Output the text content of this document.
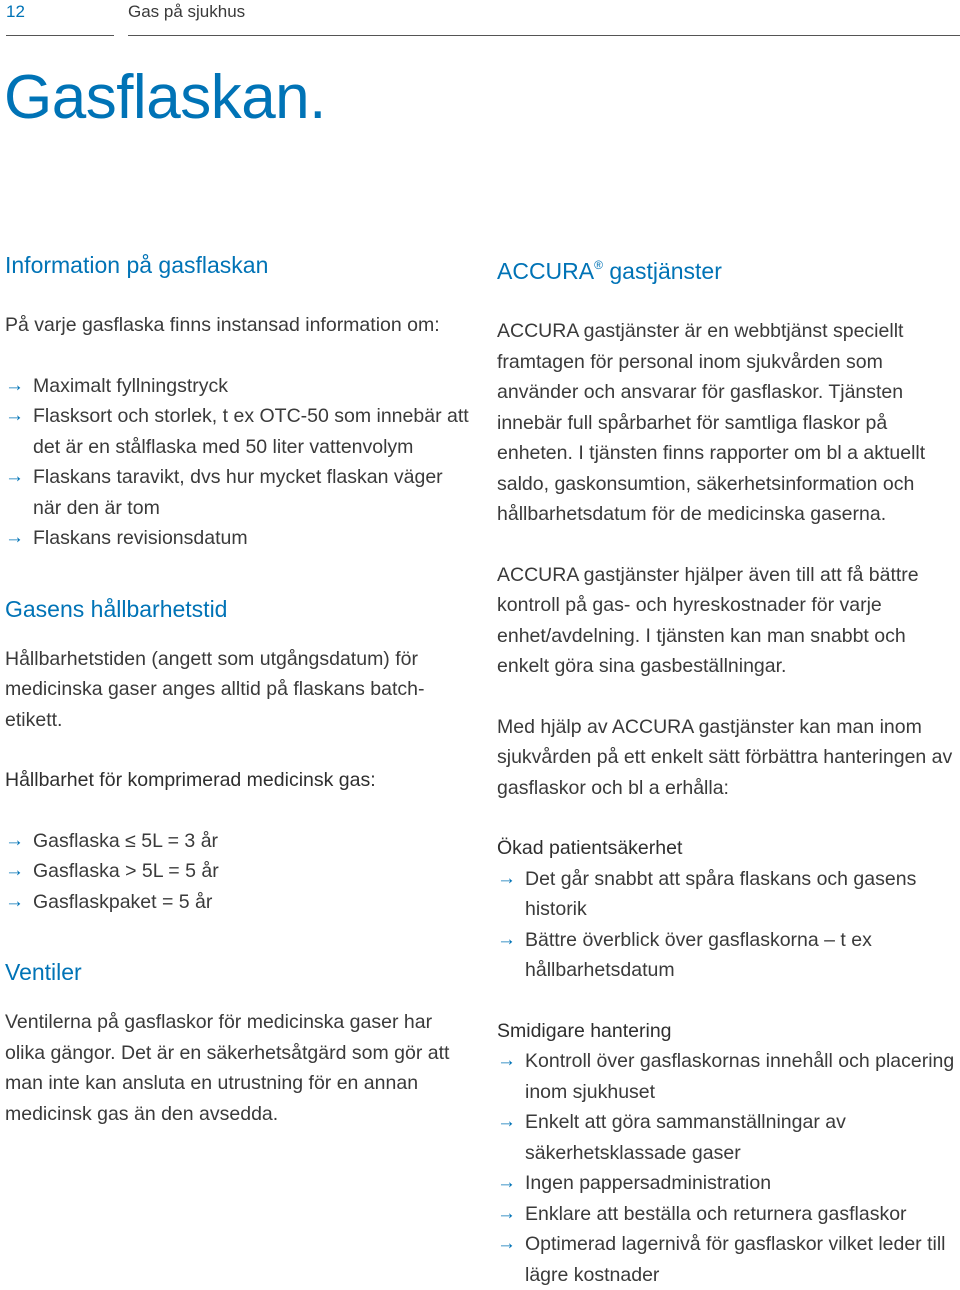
12	Gas på sjukhus
Gasflaskan.
Information på gasflaskan

På varje gasflaska finns instansad information om:

→ Maximalt fyllningstryck
→ Flasksort och storlek, t ex OTC-50 som innebär att det är en stålflaska med 50 liter vattenvolym
→ Flaskans taravikt, dvs hur mycket flaskan väger när den är tom
→ Flaskans revisionsdatum
Gasens hållbarhetstid

Hållbarhetstiden (angett som utgångsdatum) för medicinska gaser anges alltid på flaskans batch-etikett.

Hållbarhet för komprimerad medicinsk gas:

→ Gasflaska ≤ 5L = 3 år
→ Gasflaska > 5L = 5 år
→ Gasflaskpaket = 5 år
Ventiler

Ventilerna på gasflaskor för medicinska gaser har olika gängor. Det är en säkerhetsåtgärd som gör att man inte kan ansluta en utrustning för en annan medicinsk gas än den avsedda.

ACCURA® gastjänster

ACCURA gastjänster är en webbtjänst speciellt framtagen för personal inom sjukvården som använder och ansvarar för gasflaskor. Tjänsten innebär full spårbarhet för samtliga flaskor på enheten. I tjänsten finns rapporter om bl a aktuellt saldo, gaskonsumtion, säkerhetsinformation och hållbarhetsdatum för de medicinska gaserna.

ACCURA gastjänster hjälper även till att få bättre kontroll på gas- och hyreskostnader för varje enhet/avdelning. I tjänsten kan man snabbt och enkelt göra sina gasbeställningar.

Med hjälp av ACCURA gastjänster kan man inom sjukvården på ett enkelt sätt förbättra hanteringen av gasflaskor och bl a erhålla:

Ökad patientsäkerhet

→ Det går snabbt att spåra flaskans och gasens historik
→ Bättre överblick över gasflaskorna – t ex hållbarhetsdatum

Smidigare hantering

→ Kontroll över gasflaskornas innehåll och placering inom sjukhuset
→ Enkelt att göra sammanställningar av säkerhetsklassade gaser
→ Ingen pappersadministration
→ Enklare att beställa och returnera gasflaskor
→ Optimerad lagernivå för gasflaskor vilket leder till lägre kostnader
